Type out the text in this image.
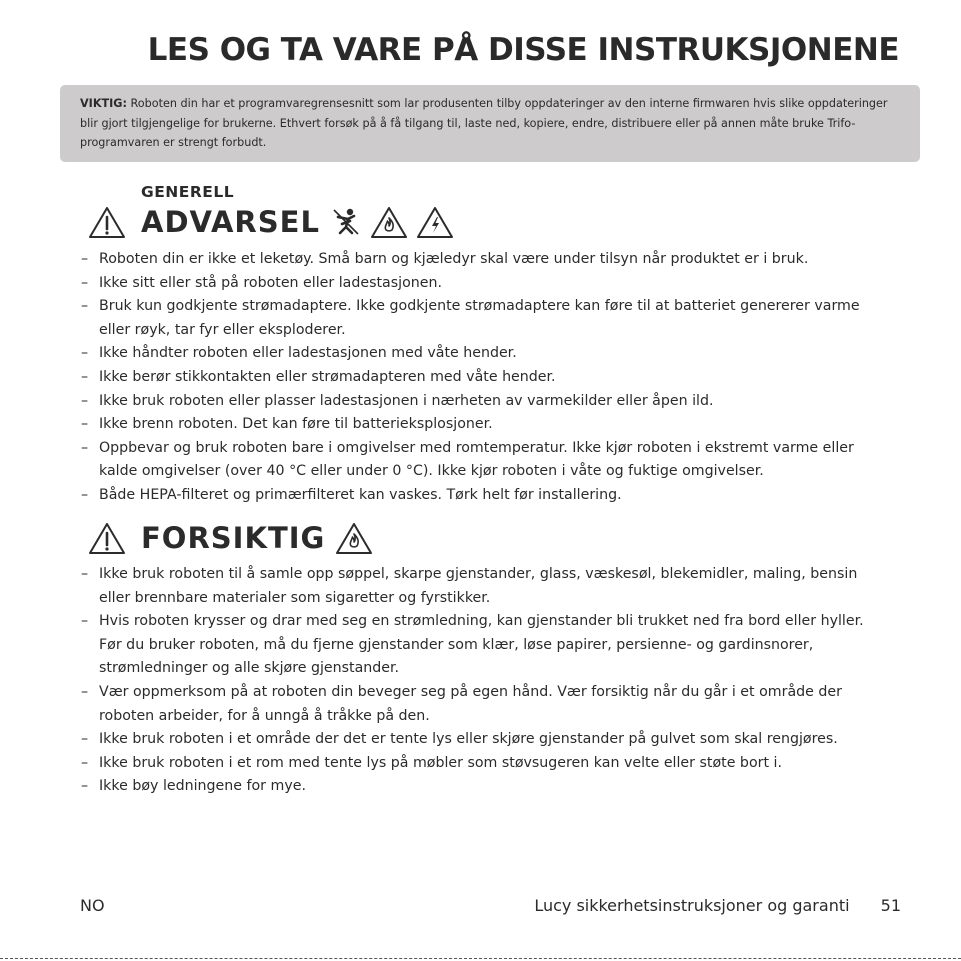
LES OG TA VARE PÅ DISSE INSTRUKSJONENE
VIKTIG: Roboten din har et programvaregrensesnitt som lar produsenten tilby oppdateringer av den interne firmwaren hvis slike oppdateringer blir gjort tilgjengelige for brukerne. Ethvert forsøk på å få tilgang til, laste ned, kopiere, endre, distribuere eller på annen måte bruke Trifo-programvaren er strengt forbudt.
GENERELL
ADVARSEL
– Roboten din er ikke et leketøy. Små barn og kjæledyr skal være under tilsyn når produktet er i bruk.
– Ikke sitt eller stå på roboten eller ladestasjonen.
– Bruk kun godkjente strømadaptere. Ikke godkjente strømadaptere kan føre til at batteriet genererer varme eller røyk, tar fyr eller eksploderer.
– Ikke håndter roboten eller ladestasjonen med våte hender.
– Ikke berør stikkontakten eller strømadapteren med våte hender.
– Ikke bruk roboten eller plasser ladestasjonen i nærheten av varmekilder eller åpen ild.
– Ikke brenn roboten. Det kan føre til batterieksplosjoner.
– Oppbevar og bruk roboten bare i omgivelser med romtemperatur. Ikke kjør roboten i ekstremt varme eller kalde omgivelser (over 40 °C eller under 0 °C). Ikke kjør roboten i våte og fuktige omgivelser.
– Både HEPA-filteret og primærfilteret kan vaskes. Tørk helt før installering.
FORSIKTIG
– Ikke bruk roboten til å samle opp søppel, skarpe gjenstander, glass, væskesøl, blekemidler, maling, bensin eller brennbare materialer som sigaretter og fyrstikker.
– Hvis roboten krysser og drar med seg en strømledning, kan gjenstander bli trukket ned fra bord eller hyller. Før du bruker roboten, må du fjerne gjenstander som klær, løse papirer, persienne- og gardinsnorer, strømledninger og alle skjøre gjenstander.
– Vær oppmerksom på at roboten din beveger seg på egen hånd. Vær forsiktig når du går i et område der roboten arbeider, for å unngå å tråkke på den.
– Ikke bruk roboten i et område der det er tente lys eller skjøre gjenstander på gulvet som skal rengjøres.
– Ikke bruk roboten i et rom med tente lys på møbler som støvsugeren kan velte eller støte bort i.
– Ikke bøy ledningene for mye.
NO	Lucy sikkerhetsinstruksjoner og garanti 51
